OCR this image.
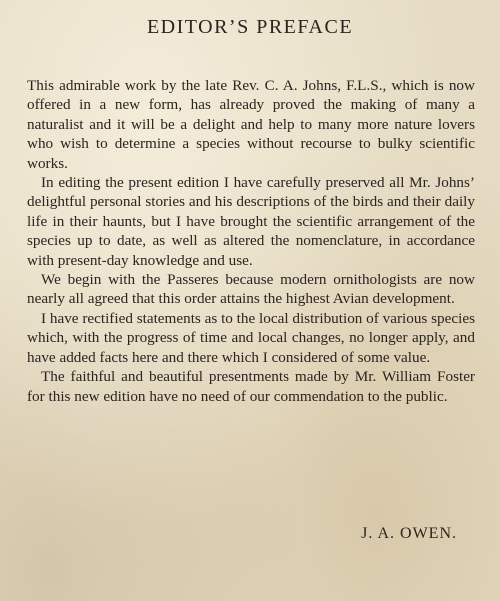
EDITOR’S PREFACE

This admirable work by the late Rev. C. A. Johns, F.L.S., which is now offered in a new form, has already proved the making of many a naturalist and it will be a delight and help to many more nature lovers who wish to determine a species without recourse to bulky scientific works.

In editing the present edition I have carefully preserved all Mr. Johns’ delightful personal stories and his descriptions of the birds and their daily life in their haunts, but I have brought the scientific arrangement of the species up to date, as well as altered the nomenclature, in accordance with present-day knowledge and use.

We begin with the Passeres because modern ornithologists are now nearly all agreed that this order attains the highest Avian development.

I have rectified statements as to the local distribution of various species which, with the progress of time and local changes, no longer apply, and have added facts here and there which I considered of some value.

The faithful and beautiful presentments made by Mr. William Foster for this new edition have no need of our commendation to the public.

J. A. OWEN.
